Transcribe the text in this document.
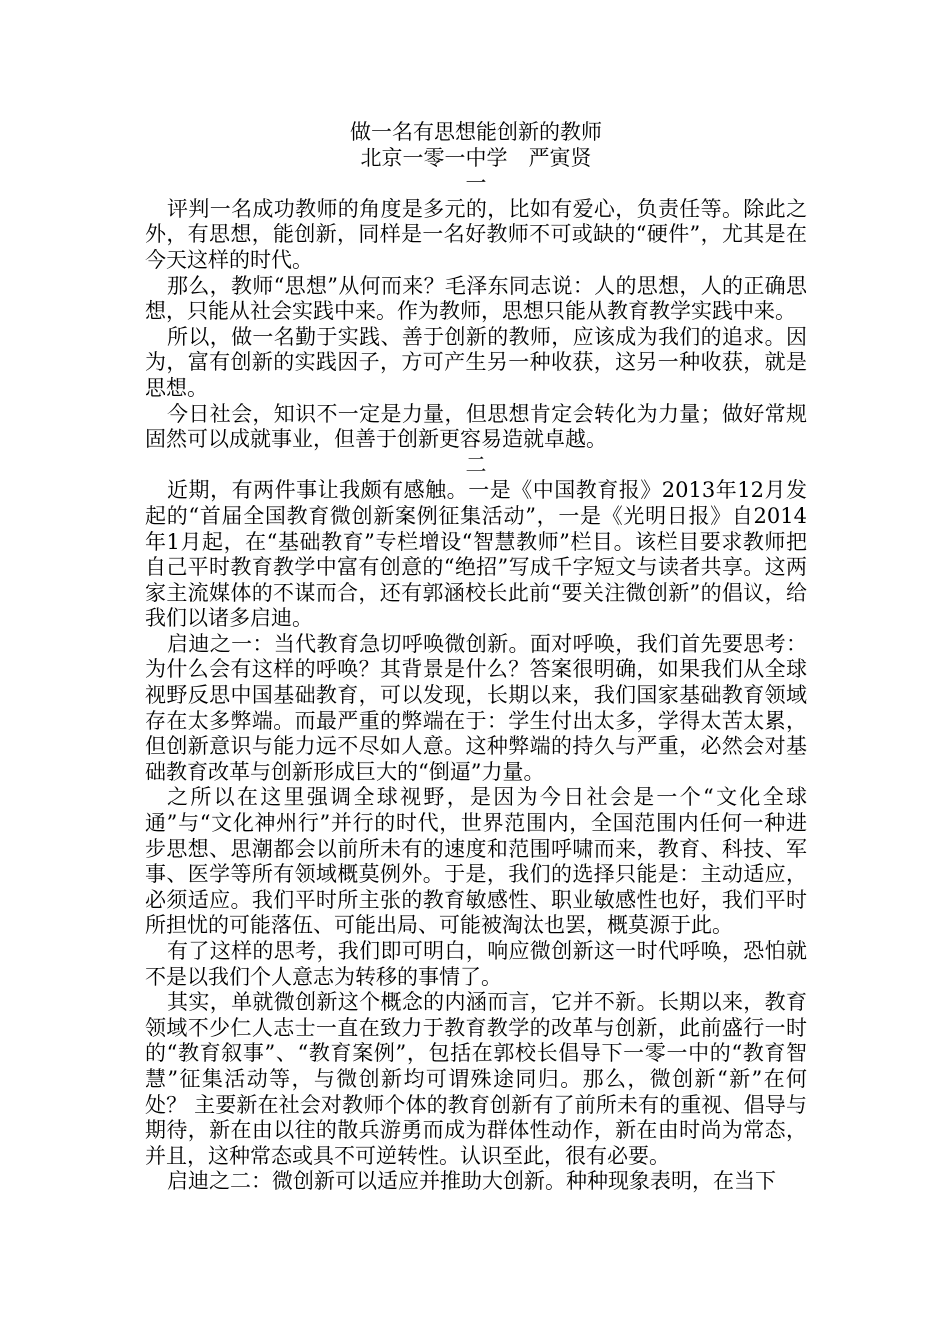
做一名有思想能创新的教师

北京一零一中学　严寅贤

一

评判一名成功教师的角度是多元的，比如有爱心，负责任等。除此之外，有思想，能创新，同样是一名好教师不可或缺的“硬件”，尤其是在今天这样的时代。

那么，教师“思想”从何而来？毛泽东同志说：人的思想，人的正确思想，只能从社会实践中来。作为教师，思想只能从教育教学实践中来。

所以，做一名勤于实践、善于创新的教师，应该成为我们的追求。因为，富有创新的实践因子，方可产生另一种收获，这另一种收获，就是思想。

今日社会，知识不一定是力量，但思想肯定会转化为力量；做好常规固然可以成就事业，但善于创新更容易造就卓越。

二

近期，有两件事让我颇有感触。一是《中国教育报》2013年12月发起的“首届全国教育微创新案例征集活动”，一是《光明日报》自2014年1月起，在“基础教育”专栏增设“智慧教师”栏目。该栏目要求教师把自己平时教育教学中富有创意的“绝招”写成千字短文与读者共享。这两家主流媒体的不谋而合，还有郭涵校长此前“要关注微创新”的倡议，给我们以诸多启迪。

启迪之一：当代教育急切呼唤微创新。面对呼唤，我们首先要思考：为什么会有这样的呼唤？其背景是什么？答案很明确，如果我们从全球视野反思中国基础教育，可以发现，长期以来，我们国家基础教育领域存在太多弊端。而最严重的弊端在于：学生付出太多，学得太苦太累，但创新意识与能力远不尽如人意。这种弊端的持久与严重，必然会对基础教育改革与创新形成巨大的“倒逼”力量。

之所以在这里强调全球视野，是因为今日社会是一个“文化全球通”与“文化神州行”并行的时代，世界范围内，全国范围内任何一种进步思想、思潮都会以前所未有的速度和范围呼啸而来，教育、科技、军事、医学等所有领域概莫例外。于是，我们的选择只能是：主动适应，必须适应。我们平时所主张的教育敏感性、职业敏感性也好，我们平时所担忧的可能落伍、可能出局、可能被淘汰也罢，概莫源于此。

有了这样的思考，我们即可明白，响应微创新这一时代呼唤，恐怕就不是以我们个人意志为转移的事情了。

其实，单就微创新这个概念的内涵而言，它并不新。长期以来，教育领域不少仁人志士一直在致力于教育教学的改革与创新，此前盛行一时的“教育叙事”、“教育案例”，包括在郭校长倡导下一零一中的“教育智慧”征集活动等，与微创新均可谓殊途同归。那么，微创新“新”在何处？ 主要新在社会对教师个体的教育创新有了前所未有的重视、倡导与期待，新在由以往的散兵游勇而成为群体性动作，新在由时尚为常态，并且，这种常态或具不可逆转性。认识至此，很有必要。

启迪之二：微创新可以适应并推助大创新。种种现象表明，在当下
